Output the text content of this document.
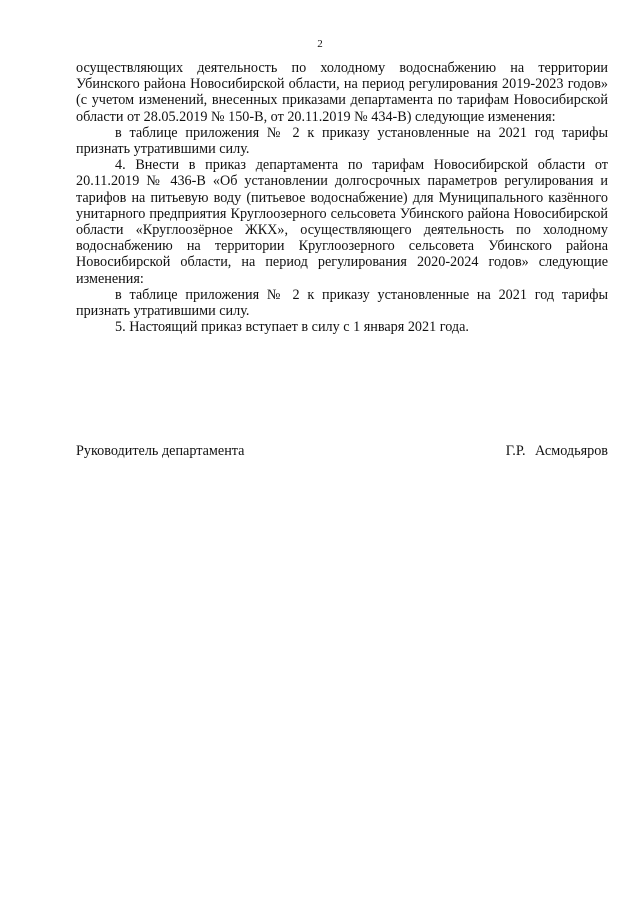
2

осуществляющих деятельность по холодному водоснабжению на территории Убинского района Новосибирской области, на период регулирования 2019-2023 годов» (с учетом изменений, внесенных приказами департамента по тарифам Новосибирской области от 28.05.2019 № 150-В, от 20.11.2019 № 434-В) следующие изменения:

в таблице приложения № 2 к приказу установленные на 2021 год тарифы признать утратившими силу.

4. Внести в приказ департамента по тарифам Новосибирской области от 20.11.2019 № 436-В «Об установлении долгосрочных параметров регулирования и тарифов на питьевую воду (питьевое водоснабжение) для Муниципального казённого унитарного предприятия Круглоозерного сельсовета Убинского района Новосибирской области «Круглоозёрное ЖКХ», осуществляющего деятельность по холодному водоснабжению на территории Круглоозерного сельсовета Убинского района Новосибирской области, на период регулирования 2020-2024 годов» следующие изменения:

в таблице приложения № 2 к приказу установленные на 2021 год тарифы признать утратившими силу.

5. Настоящий приказ вступает в силу с 1 января 2021 года.

Руководитель департамента	Г.Р. Асмодьяров
